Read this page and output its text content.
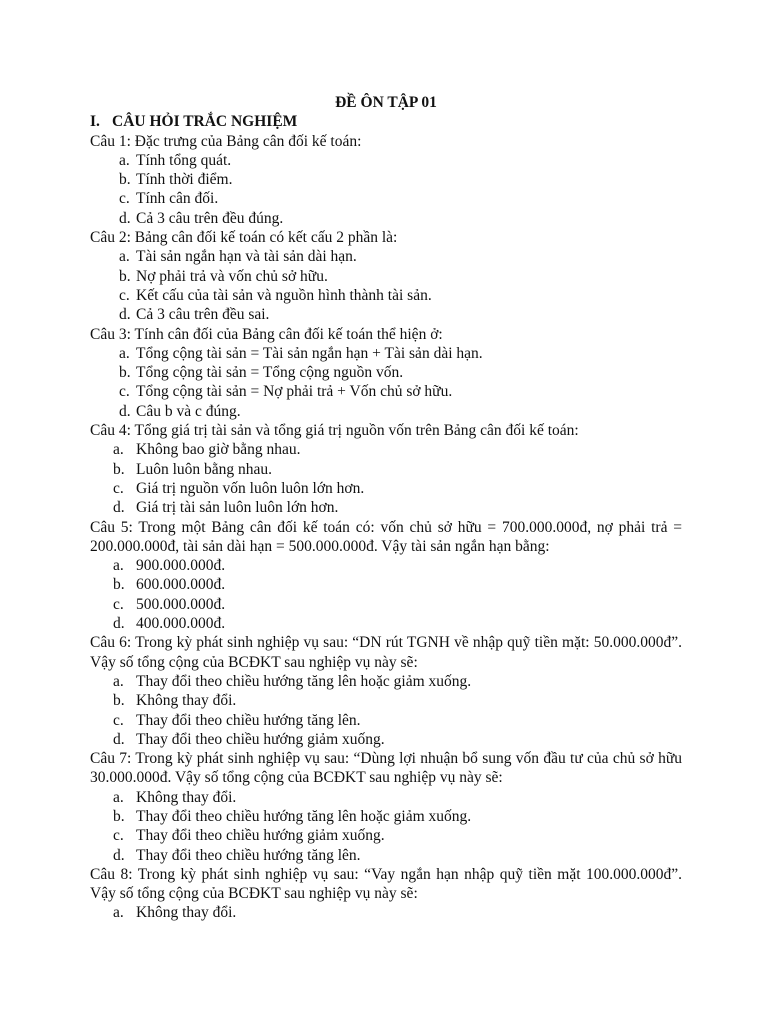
ĐỀ ÔN TẬP 01
I. CÂU HỎI TRẮC NGHIỆM
Câu 1: Đặc trưng của Bảng cân đối kế toán:
a. Tính tổng quát.
b. Tính thời điểm.
c. Tính cân đối.
d. Cả 3 câu trên đều đúng.
Câu 2: Bảng cân đối kế toán có kết cấu 2 phần là:
a. Tài sản ngắn hạn và tài sản dài hạn.
b. Nợ phải trả và vốn chủ sở hữu.
c. Kết cấu của tài sản và nguồn hình thành tài sản.
d. Cả 3 câu trên đều sai.
Câu 3: Tính cân đối của Bảng cân đối kế toán thể hiện ở:
a. Tổng cộng tài sản = Tài sản ngắn hạn + Tài sản dài hạn.
b. Tổng cộng tài sản = Tổng cộng nguồn vốn.
c. Tổng cộng tài sản = Nợ phải trả + Vốn chủ sở hữu.
d. Câu b và c đúng.
Câu 4: Tổng giá trị tài sản và tổng giá trị nguồn vốn trên Bảng cân đối kế toán:
a. Không bao giờ bằng nhau.
b. Luôn luôn bằng nhau.
c. Giá trị nguồn vốn luôn luôn lớn hơn.
d. Giá trị tài sản luôn luôn lớn hơn.
Câu 5: Trong một Bảng cân đối kế toán có: vốn chủ sở hữu = 700.000.000đ, nợ phải trả = 200.000.000đ, tài sản dài hạn = 500.000.000đ. Vậy tài sản ngắn hạn bằng:
a. 900.000.000đ.
b. 600.000.000đ.
c. 500.000.000đ.
d. 400.000.000đ.
Câu 6: Trong kỳ phát sinh nghiệp vụ sau: “DN rút TGNH về nhập quỹ tiền mặt: 50.000.000đ”. Vậy số tổng cộng của BCĐKT sau nghiệp vụ này sẽ:
a. Thay đổi theo chiều hướng tăng lên hoặc giảm xuống.
b. Không thay đổi.
c. Thay đổi theo chiều hướng tăng lên.
d. Thay đổi theo chiều hướng giảm xuống.
Câu 7: Trong kỳ phát sinh nghiệp vụ sau: “Dùng lợi nhuận bổ sung vốn đầu tư của chủ sở hữu 30.000.000đ. Vậy số tổng cộng của BCĐKT sau nghiệp vụ này sẽ:
a. Không thay đổi.
b. Thay đổi theo chiều hướng tăng lên hoặc giảm xuống.
c. Thay đổi theo chiều hướng giảm xuống.
d. Thay đổi theo chiều hướng tăng lên.
Câu 8: Trong kỳ phát sinh nghiệp vụ sau: “Vay ngắn hạn nhập quỹ tiền mặt 100.000.000đ”. Vậy số tổng cộng của BCĐKT sau nghiệp vụ này sẽ:
a. Không thay đổi.
